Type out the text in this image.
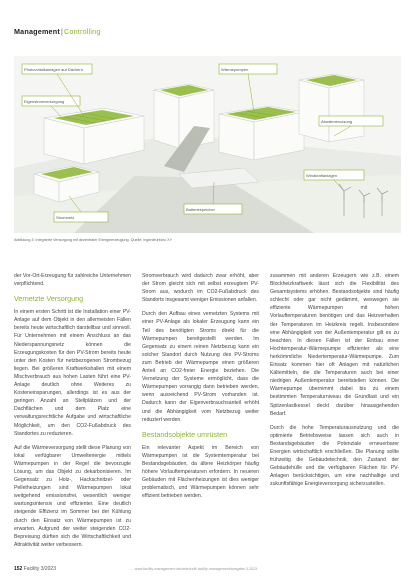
Management|Controlling
Photovoltaikanlagen auf Dächern
Eigenstromversorgung
Wärmepumpen
Abwärmenutzung
Batteriespeicher
Windkraftanlagen
Stromnetz
Abbildung 3: Integrierte Versorgung mit dezentraler Energieerzeugung. Quelle: Ingenieurbüro XY

der Vor-Ort-Erzeugung für zahlreiche Unternehmen verpflichtend.

Vernetzte Versorgung

In einem ersten Schritt ist die Installation einer PV-Anlage auf dem Objekt in den allermeisten Fällen bereits heute wirtschaftlich darstellbar und sinnvoll. Für Unternehmen mit einem Anschluss an das Niederspannungsnetz können die Erzeugungskosten für den PV-Strom bereits heute unter den Kosten für netzbezogenen Strombezug liegen. Bei größeren Kraftwerkshallen mit einem Mischverbrauch aus hohen Lasten führt eine PV-Anlage deutlich ohne Weiteres zu Kosteneinsparungen, allerdings ist es aus der geringen Anzahl an Stellplätzen und der Dachflächen und dem Platz eine verwaltungsrechtliche Aufgabe und wirtschaftliche Möglichkeit, um den CO2-Fußabdruck des Standortes zu reduzieren.

Auf die Wärmeversorgung stellt diese Planung von lokal verfügbarer Umweltenergie mittels Wärmepumpen in der Regel die bevorzugte Lösung, um das Objekt zu dekarbonisieren. Im Gegensatz zu Holz-, Hackschnitzel- oder Pelletheizungen sind Wärmepumpen lokal weitgehend emissionsfrei, wesentlich weniger wartungsintensiv und effizienter. Eine deutlich steigende Effizienz im Sommer bei der Kühlung durch den Einsatz von Wärmepumpen ist zu erwarten. Aufgrund der weiter steigenden CO2-Bepreisung dürften sich die Wirtschaftlichkeit und Attraktivität weiter verbessern.

Stromverbrauch wird dadurch zwar erhöht, aber der Strom gleicht sich mit selbst erzeugtem PV-Strom aus, wodurch im CO2-Fußabdruck des Standorts insgesamt weniger Emissionen anfallen.

Durch den Aufbau eines vernetzten Systems mit einer PV-Anlage als lokaler Erzeugung kann ein Teil des benötigten Stroms direkt für die Wärmepumpen bereitgestellt werden. Im Gegensatz zu einem reinen Netzbezug kann ein solcher Standort durch Nutzung des PV-Stroms zum Betrieb der Wärmepumpe einen größeren Anteil an CO2-freier Energie beziehen. Die Vernetzung der Systeme ermöglicht, dass die Wärmepumpen vorrangig dann betrieben werden, wenn ausreichend PV-Strom vorhanden ist. Dadurch kann der Eigenverbrauchsanteil erhöht und die Abhängigkeit vom Netzbezug weiter reduziert werden.

Bestandsobjekte umrüsten

Ein relevanter Aspekt im Bereich von Wärmepumpen ist die Systemtemperatur bei Bestandsgebäuden, da ältere Heizkörper häufig höhere Vorlauftemperaturen erfordern. In neueren Gebäuden mit Flächenheizungen ist dies weniger problematisch, und Wärmepumpen können sehr effizient betrieben werden.

zusammen mit anderen Erzeugern wie z.B. einem Blockheizkraftwerk lässt sich die Flexibilität des Gesamtsystems erhöhen. Bestandsobjekte sind häufig schlecht oder gar nicht gedämmt, weswegen sie effiziente Wärmepumpen mit hohen Vorlauftemperaturen benötigen und das Heizverhalten der Temperaturen im Heizkreis regelt. Insbesondere eine Abhängigkeit von der Außentemperatur gilt es zu beachten. In diesen Fällen ist der Einbau einer Hochtemperatur-Wärmepumpe effizienter als eine herkömmliche Niedertemperatur-Wärmepumpe. Zum Einsatz kommen hier oft Anlagen mit natürlichen Kältemitteln, die die Temperaturen auch bei einer niedrigen Außentemperatur bereitstellen können. Die Wärmepumpe übernimmt dabei bis zu einem bestimmten Temperaturniveau die Grundlast und ein Spitzenlastkessel deckt darüber hinausgehenden Bedarf.

Durch die hohe Temperaturausnutzung und die optimierte Betriebsweise lassen sich auch in Bestandsgebäuden die Potenziale erneuerbarer Energien wirtschaftlich erschließen. Die Planung sollte frühzeitig die Gebäudetechnik, den Zustand der Gebäudehülle und die verfügbaren Flächen für PV-Anlagen berücksichtigen, um eine nachhaltige und zukunftsfähige Energieversorgung sicherzustellen.

152 Facility 3/2023	→ www.facility-management.de/zeitschrift-facility-management/ausgabe-3-2023
